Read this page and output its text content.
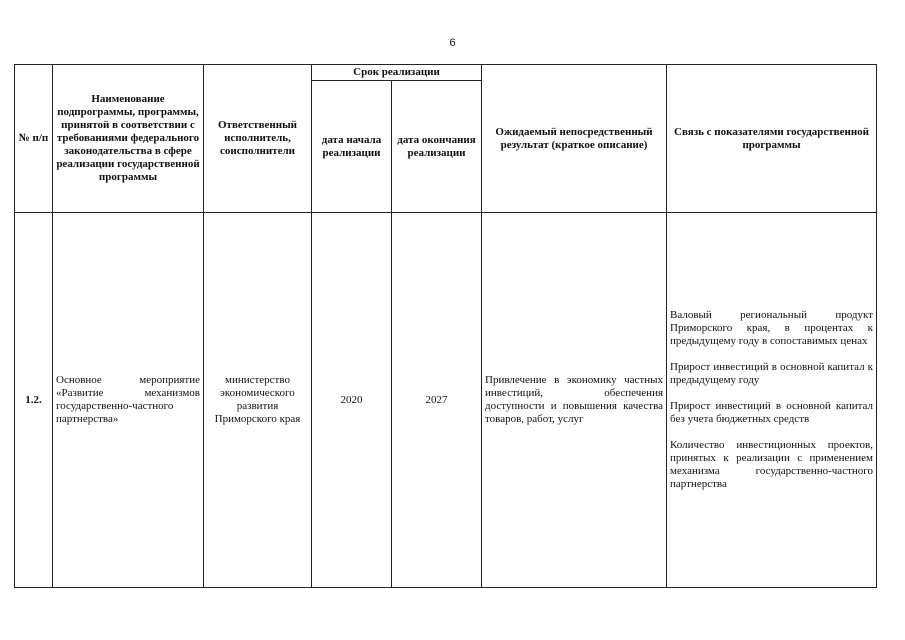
6
№ п/п	Наименование подпрограммы, программы, принятой в соответствии с требованиями федерального законодательства в сфере реализации государственной программы	Ответственный исполнитель, соисполнители	Срок реализации		Ожидаемый непосредственный результат (краткое описание)	Связь с показателями государственной программы
			дата начала реализации	дата окончания реализации		
1.2.	Основное мероприятие «Развитие механизмов государственно-частного партнерства»	министерство экономического развития Приморского края	2020	2027	Привлечение в экономику частных инвестиций, обеспечения доступности и повышения качества товаров, работ, услуг	Валовый региональный продукт Приморского края, в процентах к предыдущему году в сопоставимых ценах

Прирост инвестиций в основной капитал к предыдущему году

Прирост инвестиций в основной капитал без учета бюджетных средств

Количество инвестиционных проектов, принятых к реализации с применением механизма государственно-частного партнерства
